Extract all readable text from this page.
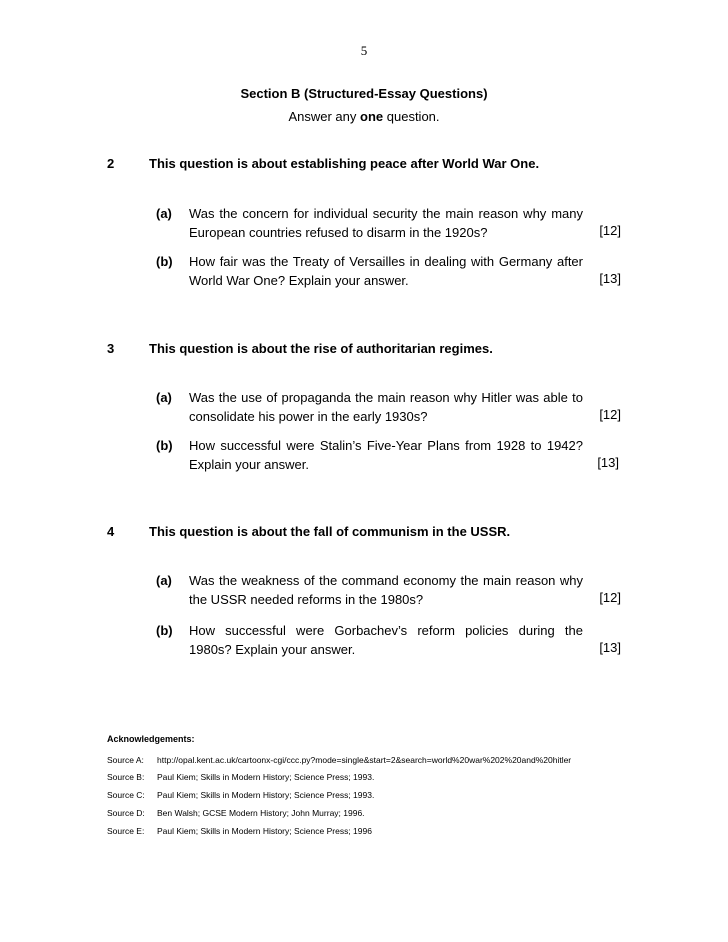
5
Section B (Structured-Essay Questions)
Answer any one question.
2	This question is about establishing peace after World War One.
(a) Was the concern for individual security the main reason why many European countries refused to disarm in the 1920s?	[12]
(b) How fair was the Treaty of Versailles in dealing with Germany after World War One? Explain your answer.	[13]
3	This question is about the rise of authoritarian regimes.
(a) Was the use of propaganda the main reason why Hitler was able to consolidate his power in the early 1930s?	[12]
(b) How successful were Stalin’s Five-Year Plans from 1928 to 1942? Explain your answer.	[13]
4	This question is about the fall of communism in the USSR.
(a) Was the weakness of the command economy the main reason why the USSR needed reforms in the 1980s?	[12]
(b) How successful were Gorbachev’s reform policies during the 1980s? Explain your answer.	[13]
Acknowledgements:
Source A: http://opal.kent.ac.uk/cartoonx-cgi/ccc.py?mode=single&start=2&search=world%20war%202%20and%20hitler
Source B: Paul Kiem; Skills in Modern History; Science Press; 1993.
Source C: Paul Kiem; Skills in Modern History; Science Press; 1993.
Source D: Ben Walsh; GCSE Modern History; John Murray; 1996.
Source E: Paul Kiem; Skills in Modern History; Science Press; 1996
